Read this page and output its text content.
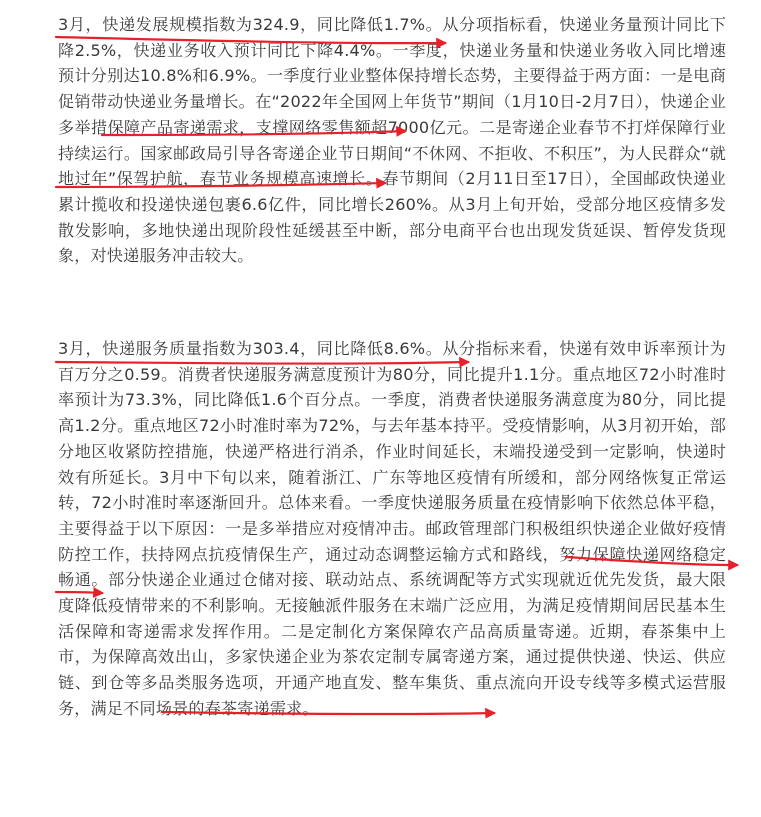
3月，快递发展规模指数为324.9，同比降低1.7%。从分项指标看，快递业务量预计同比下降2.5%，快递业务收入预计同比下降4.4%。一季度，快递业务量和快递业务收入同比增速预计分别达10.8%和6.9%。一季度行业业整体保持增长态势，主要得益于两方面：一是电商促销带动快递业务量增长。在“2022年全国网上年货节”期间（1月10日-2月7日），快递企业多举措保障产品寄递需求，支撑网络零售额超7000亿元。二是寄递企业春节不打烊保障行业持续运行。国家邮政局引导各寄递企业节日期间“不休网、不拒收、不积压”，为人民群众“就地过年”保驾护航，春节业务规模高速增长。春节期间（2月11日至17日），全国邮政快递业累计揽收和投递快递包裹6.6亿件，同比增长260%。从3月上旬开始，受部分地区疫情多发散发影响，多地快递出现阶段性延缓甚至中断，部分电商平台也出现发货延误、暂停发货现象，对快递服务冲击较大。

3月，快递服务质量指数为303.4，同比降低8.6%。从分指标来看，快递有效申诉率预计为百万分之0.59。消费者快递服务满意度预计为80分，同比提升1.1分。重点地区72小时准时率预计为73.3%，同比降低1.6个百分点。一季度，消费者快递服务满意度为80分，同比提高1.2分。重点地区72小时准时率为72%，与去年基本持平。受疫情影响，从3月初开始，部分地区收紧防控措施，快递严格进行消杀，作业时间延长，末端投递受到一定影响，快递时效有所延长。3月中下旬以来，随着浙江、广东等地区疫情有所缓和，部分网络恢复正常运转，72小时准时率逐渐回升。总体来看。一季度快递服务质量在疫情影响下依然总体平稳，主要得益于以下原因：一是多举措应对疫情冲击。邮政管理部门积极组织快递企业做好疫情防控工作，扶持网点抗疫情保生产，通过动态调整运输方式和路线，努力保障快递网络稳定畅通。部分快递企业通过仓储对接、联动站点、系统调配等方式实现就近优先发货，最大限度降低疫情带来的不利影响。无接触派件服务在末端广泛应用，为满足疫情期间居民基本生活保障和寄递需求发挥作用。二是定制化方案保障农产品高质量寄递。近期，春茶集中上市，为保障高效出山，多家快递企业为茶农定制专属寄递方案，通过提供快递、快运、供应链、到仓等多品类服务选项，开通产地直发、整车集货、重点流向开设专线等多模式运营服务，满足不同场景的春茶寄递需求。
